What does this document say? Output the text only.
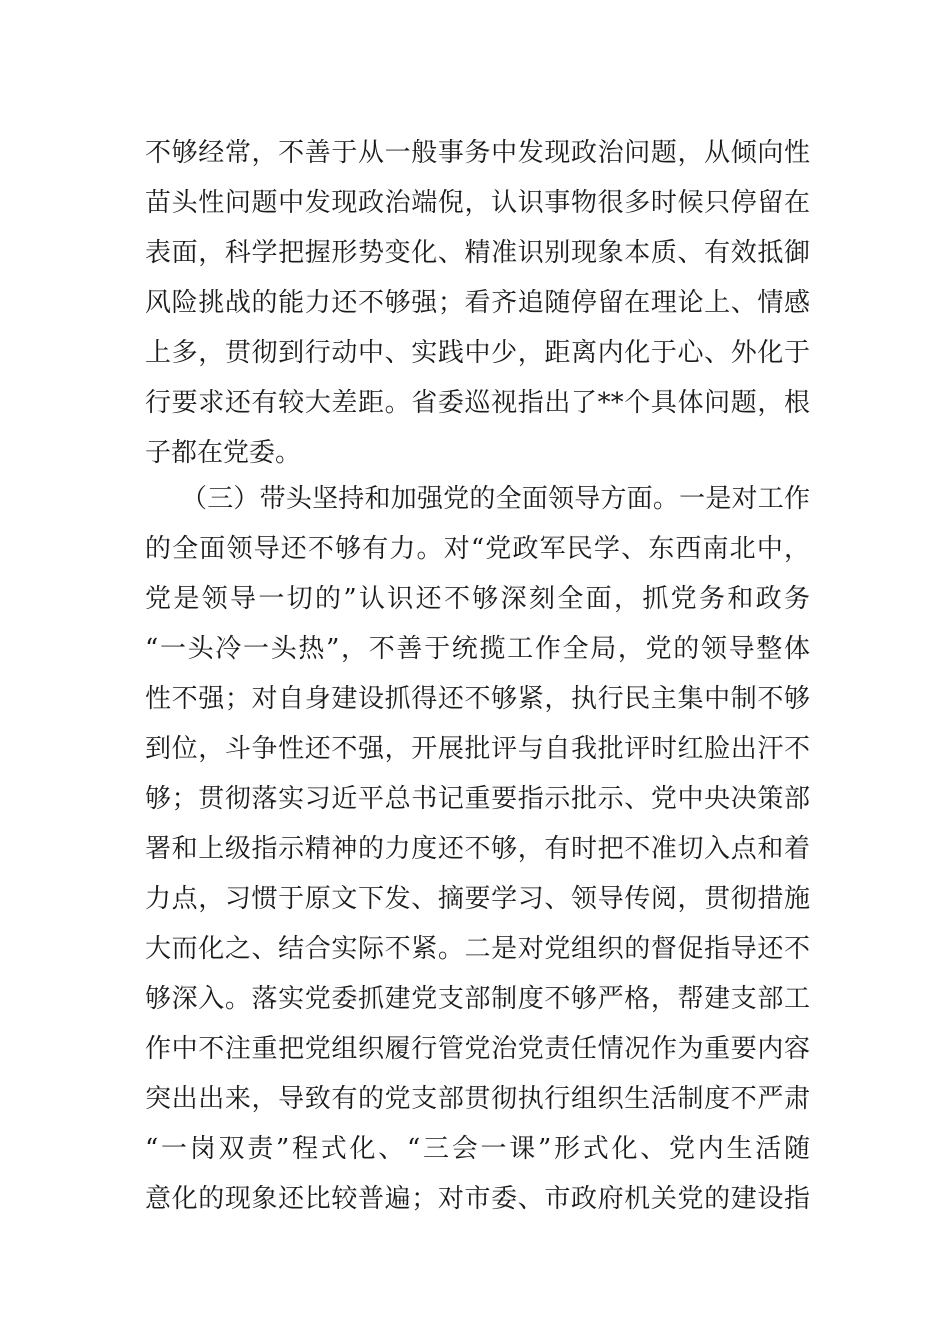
不够经常，不善于从一般事务中发现政治问题，从倾向性
苗头性问题中发现政治端倪，认识事物很多时候只停留在
表面，科学把握形势变化、精准识别现象本质、有效抵御
风险挑战的能力还不够强；看齐追随停留在理论上、情感
上多，贯彻到行动中、实践中少，距离内化于心、外化于
行要求还有较大差距。省委巡视指出了**个具体问题，根
子都在党委。
（三）带头坚持和加强党的全面领导方面。一是对工作
的全面领导还不够有力。对“党政军民学、东西南北中，
党是领导一切的”认识还不够深刻全面，抓党务和政务
“一头冷一头热”，不善于统揽工作全局，党的领导整体
性不强；对自身建设抓得还不够紧，执行民主集中制不够
到位，斗争性还不强，开展批评与自我批评时红脸出汗不
够；贯彻落实习近平总书记重要指示批示、党中央决策部
署和上级指示精神的力度还不够，有时把不准切入点和着
力点，习惯于原文下发、摘要学习、领导传阅，贯彻措施
大而化之、结合实际不紧。二是对党组织的督促指导还不
够深入。落实党委抓建党支部制度不够严格，帮建支部工
作中不注重把党组织履行管党治党责任情况作为重要内容
突出出来，导致有的党支部贯彻执行组织生活制度不严肃
“一岗双责”程式化、“三会一课”形式化、党内生活随
意化的现象还比较普遍；对市委、市政府机关党的建设指
